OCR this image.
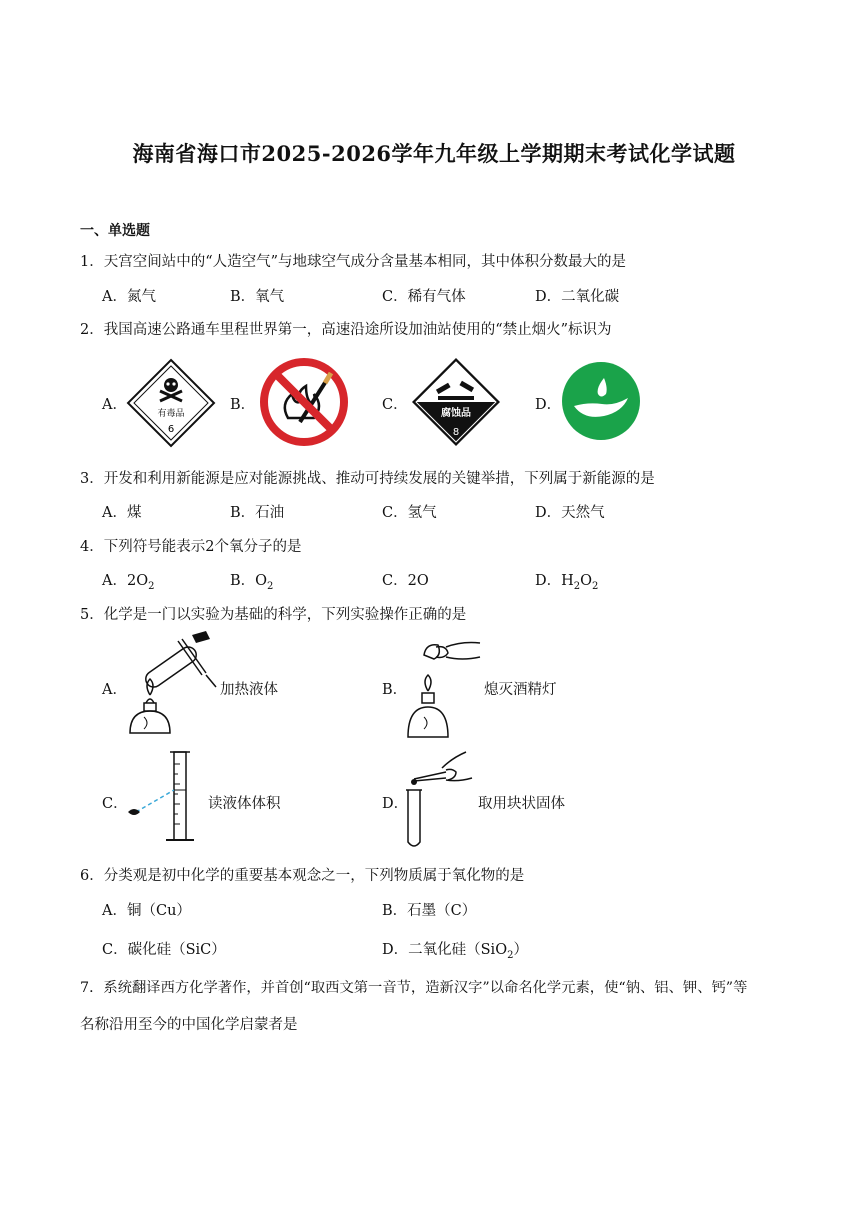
海南省海口市2025-2026学年九年级上学期期末考试化学试题
一、单选题
1．天宫空间站中的“人造空气”与地球空气成分含量基本相同，其中体积分数最大的是
A．氮气	B．氧气	C．稀有气体	D．二氧化碳
2．我国高速公路通车里程世界第一，高速沿途所设加油站使用的“禁止烟火”标识为
A．	B．	C．	D．
有毒品
6
腐蚀品
8
3．开发和利用新能源是应对能源挑战、推动可持续发展的关键举措，下列属于新能源的是
A．煤	B．石油	C．氢气	D．天然气
4．下列符号能表示2个氧分子的是
A．$2O_2$	B．$O_2$	C．2O	D．$H_2O_2$
5．化学是一门以实验为基础的科学，下列实验操作正确的是
A．	加热液体	B．	熄灭酒精灯
C．	读液体体积	D．	取用块状固体
6．分类观是初中化学的重要基本观念之一，下列物质属于氧化物的是
A．铜（Cu）	B．石墨（C）
C．碳化硅（SiC）	D．二氧化硅（SiO$_2$）
7．系统翻译西方化学著作，并首创“取西文第一音节，造新汉字”以命名化学元素，使“钠、铝、钾、钙”等
名称沿用至今的中国化学启蒙者是
